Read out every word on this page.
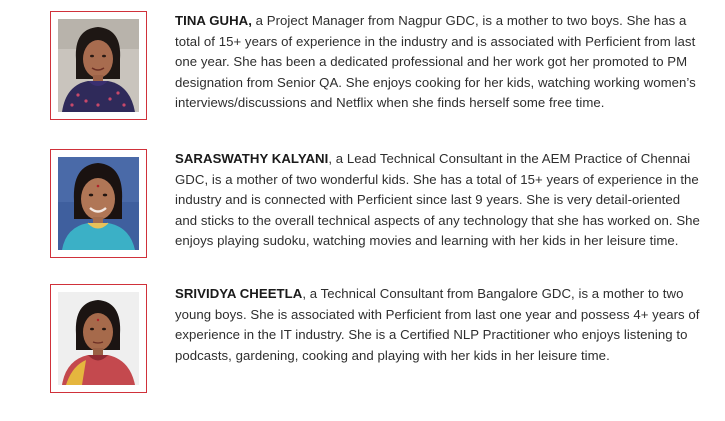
TINA GUHA, a Project Manager from Nagpur GDC, is a mother to two boys. She has a total of 15+ years of experience in the industry and is associated with Perficient from last one year. She has been a dedicated professional and her work got her promoted to PM designation from Senior QA. She enjoys cooking for her kids, watching working women’s interviews/discussions and Netflix when she finds herself some free time.

SARASWATHY KALYANI, a Lead Technical Consultant in the AEM Practice of Chennai GDC, is a mother of two wonderful kids. She has a total of 15+ years of experience in the industry and is connected with Perficient since last 9 years. She is very detail-oriented and sticks to the overall technical aspects of any technology that she has worked on. She enjoys playing sudoku, watching movies and learning with her kids in her leisure time.

SRIVIDYA CHEETLA, a Technical Consultant from Bangalore GDC, is a mother to two young boys. She is associated with Perficient from last one year and possess 4+ years of experience in the IT industry. She is a Certified NLP Practitioner who enjoys listening to podcasts, gardening, cooking and playing with her kids in her leisure time.
